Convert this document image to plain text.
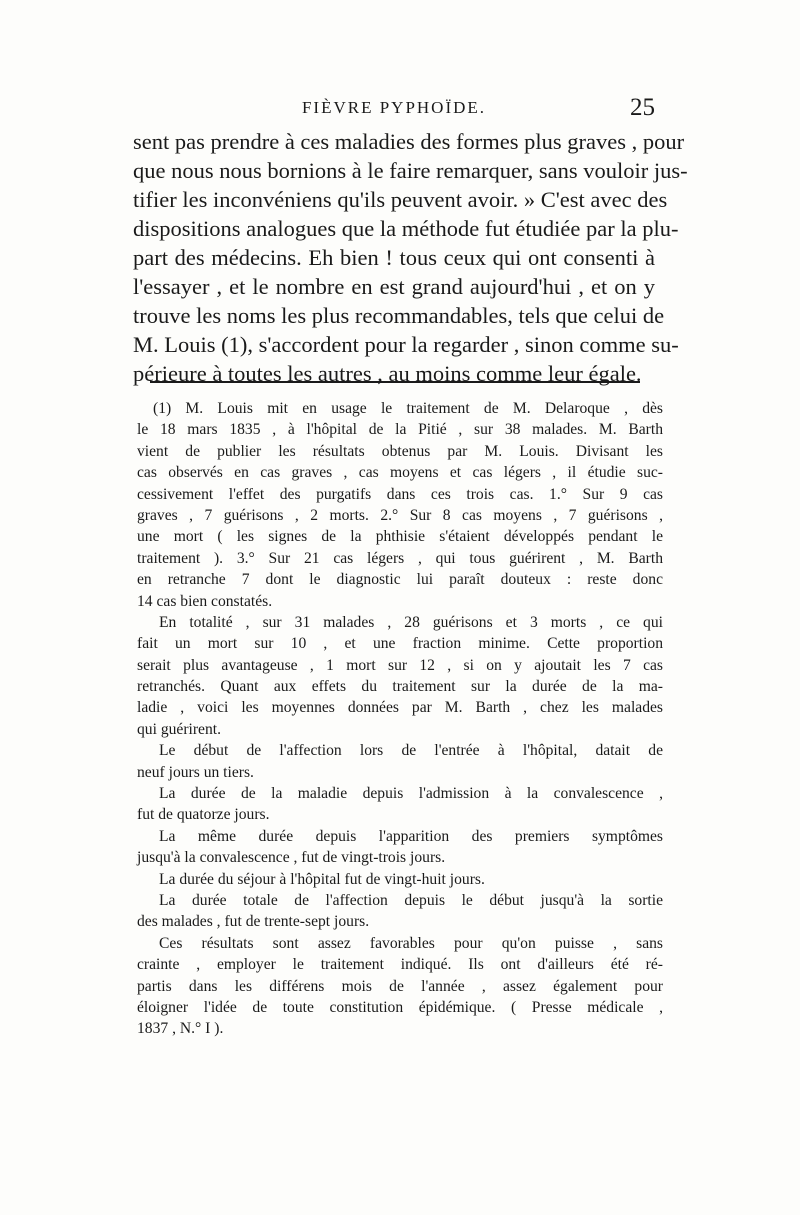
FIÈVRE PYPHOÏDE.	25
sent pas prendre à ces maladies des formes plus graves , pour
que nous nous bornions à le faire remarquer, sans vouloir jus-
tifier les inconvéniens qu'ils peuvent avoir. » C'est avec des
dispositions analogues que la méthode fut étudiée par la plu-
part des médecins. Eh bien ! tous ceux qui ont consenti à
l'essayer , et le nombre en est grand aujourd'hui , et on y
trouve les noms les plus recommandables, tels que celui de
M. Louis (1), s'accordent pour la regarder , sinon comme su-
périeure à toutes les autres , au moins comme leur égale.
(1) M. Louis mit en usage le traitement de M. Delaroque , dès
le 18 mars 1835 , à l'hôpital de la Pitié , sur 38 malades. M. Barth
vient de publier les résultats obtenus par M. Louis. Divisant les
cas observés en cas graves , cas moyens et cas légers , il étudie suc-
cessivement l'effet des purgatifs dans ces trois cas. 1.° Sur 9 cas
graves , 7 guérisons , 2 morts. 2.° Sur 8 cas moyens , 7 guérisons ,
une mort ( les signes de la phthisie s'étaient développés pendant le
traitement ). 3.° Sur 21 cas légers , qui tous guérirent , M. Barth
en retranche 7 dont le diagnostic lui paraît douteux : reste donc
14 cas bien constatés.
En totalité , sur 31 malades , 28 guérisons et 3 morts , ce qui
fait un mort sur 10 , et une fraction minime. Cette proportion
serait plus avantageuse , 1 mort sur 12 , si on y ajoutait les 7 cas
retranchés. Quant aux effets du traitement sur la durée de la ma-
ladie , voici les moyennes données par M. Barth , chez les malades
qui guérirent.
Le début de l'affection lors de l'entrée à l'hôpital, datait de
neuf jours un tiers.
La durée de la maladie depuis l'admission à la convalescence ,
fut de quatorze jours.
La même durée depuis l'apparition des premiers symptômes
jusqu'à la convalescence , fut de vingt-trois jours.
La durée du séjour à l'hôpital fut de vingt-huit jours.
La durée totale de l'affection depuis le début jusqu'à la sortie
des malades , fut de trente-sept jours.
Ces résultats sont assez favorables pour qu'on puisse , sans
crainte , employer le traitement indiqué. Ils ont d'ailleurs été ré-
partis dans les différens mois de l'année , assez également pour
éloigner l'idée de toute constitution épidémique. ( Presse médicale ,
1837 , N.° I ).
